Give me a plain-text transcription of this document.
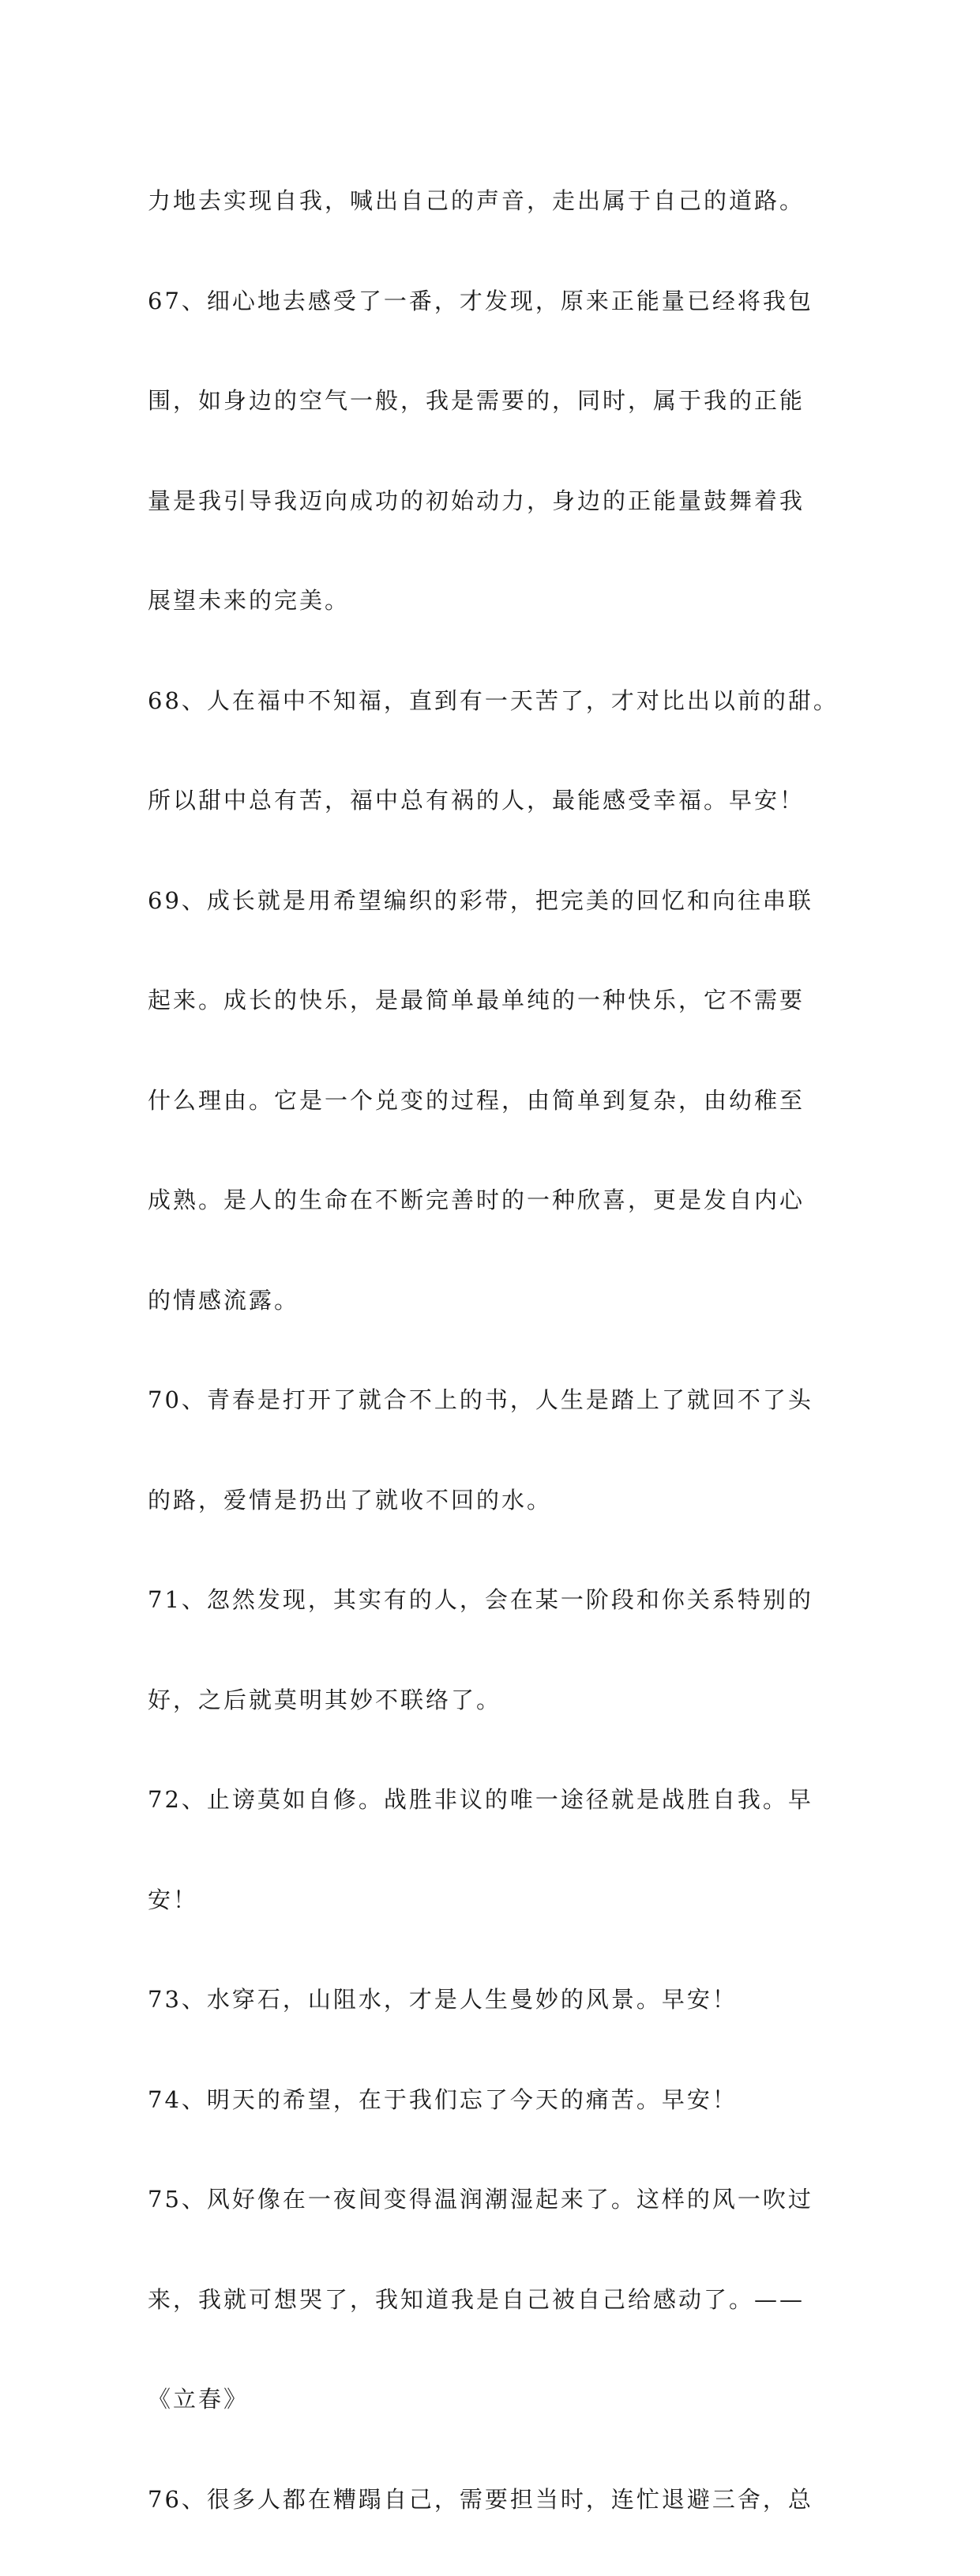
力地去实现自我，喊出自己的声音，走出属于自己的道路。

67、细心地去感受了一番，才发现，原来正能量已经将我包

围，如身边的空气一般，我是需要的，同时，属于我的正能

量是我引导我迈向成功的初始动力，身边的正能量鼓舞着我

展望未来的完美。

68、人在福中不知福，直到有一天苦了，才对比出以前的甜。

所以甜中总有苦，福中总有祸的人，最能感受幸福。早安！

69、成长就是用希望编织的彩带，把完美的回忆和向往串联

起来。成长的快乐，是最简单最单纯的一种快乐，它不需要

什么理由。它是一个兑变的过程，由简单到复杂，由幼稚至

成熟。是人的生命在不断完善时的一种欣喜，更是发自内心

的情感流露。

70、青春是打开了就合不上的书，人生是踏上了就回不了头

的路，爱情是扔出了就收不回的水。

71、忽然发现，其实有的人，会在某一阶段和你关系特别的

好，之后就莫明其妙不联络了。

72、止谤莫如自修。战胜非议的唯一途径就是战胜自我。早

安！

73、水穿石，山阻水，才是人生曼妙的风景。早安！

74、明天的希望，在于我们忘了今天的痛苦。早安！

75、风好像在一夜间变得温润潮湿起来了。这样的风一吹过

来，我就可想哭了，我知道我是自己被自己给感动了。——

《立春》

76、很多人都在糟蹋自己，需要担当时，连忙退避三舍，总
